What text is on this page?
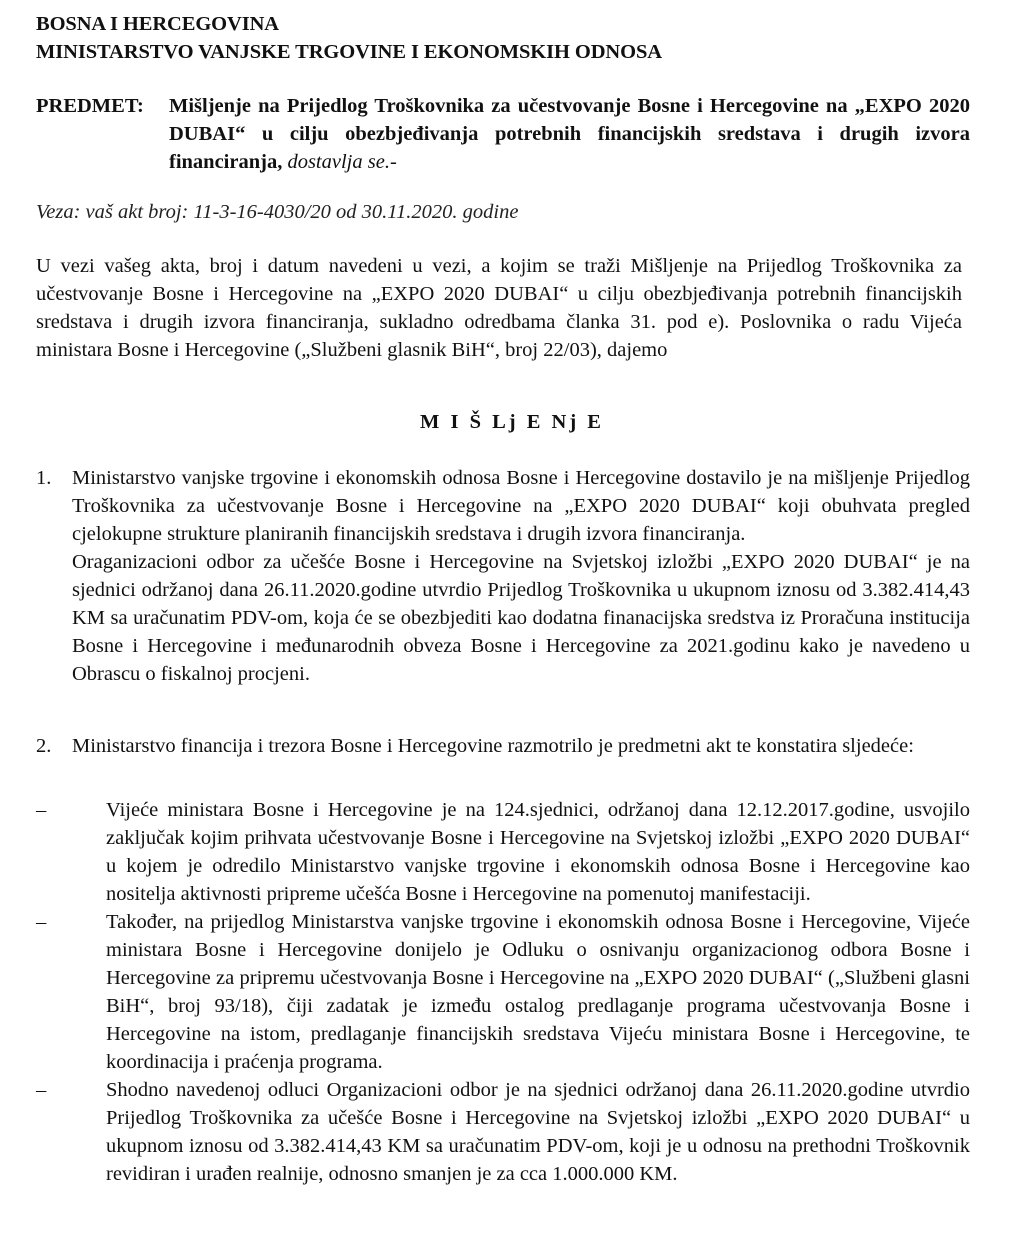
BOSNA I HERCEGOVINA
MINISTARSTVO VANJSKE TRGOVINE I EKONOMSKIH ODNOSA
PREDMET: Mišljenje na Prijedlog Troškovnika za učestvovanje Bosne i Hercegovine na „EXPO 2020 DUBAI“ u cilju obezbjeđivanja potrebnih financijskih sredstava i drugih izvora financiranja, dostavlja se.-
Veza: vaš akt broj: 11-3-16-4030/20 od 30.11.2020. godine

U vezi vašeg akta, broj i datum navedeni u vezi, a kojim se traži Mišljenje na Prijedlog Troškovnika za učestvovanje Bosne i Hercegovine na „EXPO 2020 DUBAI“ u cilju obezbjeđivanja potrebnih financijskih sredstava i drugih izvora financiranja, sukladno odredbama članka 31. pod e). Poslovnika o radu Vijeća ministara Bosne i Hercegovine („Službeni glasnik BiH“, broj 22/03), dajemo

M I Š Lj E Nj E
1. Ministarstvo vanjske trgovine i ekonomskih odnosa Bosne i Hercegovine dostavilo je na mišljenje Prijedlog Troškovnika za učestvovanje Bosne i Hercegovine na „EXPO 2020 DUBAI“ koji obuhvata pregled cjelokupne strukture planiranih financijskih sredstava i drugih izvora financiranja.

Oraganizacioni odbor za učešće Bosne i Hercegovine na Svjetskoj izložbi „EXPO 2020 DUBAI“ je na sjednici održanoj dana 26.11.2020.godine utvrdio Prijedlog Troškovnika u ukupnom iznosu od 3.382.414,43 KM sa uračunatim PDV-om, koja će se obezbjediti kao dodatna finanacijska sredstva iz Proračuna institucija Bosne i Hercegovine i međunarodnih obveza Bosne i Hercegovine za 2021.godinu kako je navedeno u Obrascu o fiskalnoj procjeni.

2. Ministarstvo financija i trezora Bosne i Hercegovine razmotrilo je predmetni akt te konstatira sljedeće:

–	Vijeće ministara Bosne i Hercegovine je na 124.sjednici, održanoj dana 12.12.2017.godine, usvojilo zaključak kojim prihvata učestvovanje Bosne i Hercegovine na Svjetskoj izložbi „EXPO 2020 DUBAI“ u kojem je odredilo Ministarstvo vanjske trgovine i ekonomskih odnosa Bosne i Hercegovine kao nositelja aktivnosti pripreme učešća Bosne i Hercegovine na pomenutoj manifestaciji.

–	Također, na prijedlog Ministarstva vanjske trgovine i ekonomskih odnosa Bosne i Hercegovine, Vijeće ministara Bosne i Hercegovine donijelo je Odluku o osnivanju organizacionog odbora Bosne i Hercegovine za pripremu učestvovanja Bosne i Hercegovine na „EXPO 2020 DUBAI“ („Službeni glasni BiH“, broj 93/18), čiji zadatak je između ostalog predlaganje programa učestvovanja Bosne i Hercegovine na istom, predlaganje financijskih sredstava Vijeću ministara Bosne i Hercegovine, te koordinacija i praćenja programa.

–	Shodno navedenoj odluci Organizacioni odbor je na sjednici održanoj dana 26.11.2020.godine utvrdio Prijedlog Troškovnika za učešće Bosne i Hercegovine na Svjetskoj izložbi „EXPO 2020 DUBAI“ u ukupnom iznosu od 3.382.414,43 KM sa uračunatim PDV-om, koji je u odnosu na prethodni Troškovnik revidiran i urađen realnije, odnosno smanjen je za cca 1.000.000 KM.
